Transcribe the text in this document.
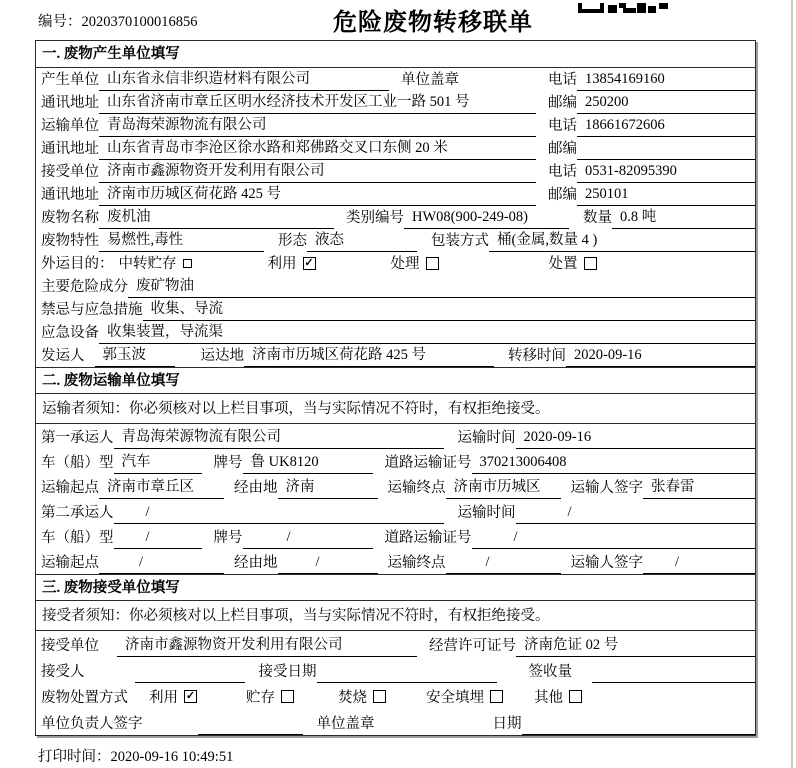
编号：2020370100016856	危险废物转移联单
一. 废物产生单位填写
产生单位 山东省永信非织造材料有限公司	单位盖章	电话 13854169160
通讯地址 山东省济南市章丘区明水经济技术开发区工业一路 501 号	邮编 250200
运输单位 青岛海荣源物流有限公司	电话 18661672606
通讯地址 山东省青岛市李沧区徐水路和郑佛路交叉口东侧 20 米	邮编
接受单位 济南市鑫源物资开发利用有限公司	电话 0531-82095390
通讯地址 济南市历城区荷花路 425 号	邮编 250101
废物名称 废机油	类别编号 HW08(900-249-08)	数量 0.8 吨
废物特性 易燃性,毒性	形态 液态	包装方式 桶(金属,数量 4 )
外运目的： 中转贮存	利用 ✓	处理	处置
主要危险成分 废矿物油
禁忌与应急措施 收集、导流
应急设备 收集装置，导流渠
发运人	郭玉波	运达地 济南市历城区荷花路 425 号	转移时间 2020-09-16
二. 废物运输单位填写
运输者须知：你必须核对以上栏目事项，当与实际情况不符时，有权拒绝接受。
第一承运人 青岛海荣源物流有限公司	运输时间 2020-09-16
车（船）型 汽车	牌号 鲁 UK8120	道路运输证号 370213006408
运输起点 济南市章丘区	经由地 济南	运输终点 济南市历城区	运输人签字 张春雷
第二承运人	/	运输时间	/
车（船）型	/	牌号	/	道路运输证号	/
运输起点	/	经由地	/	运输终点	/	运输人签字	/
三. 废物接受单位填写
接受者须知：你必须核对以上栏目事项，当与实际情况不符时，有权拒绝接受。
接受单位	济南市鑫源物资开发利用有限公司	经营许可证号 济南危证 02 号
接受人	接受日期	签收量
废物处置方式 利用 ✓	贮存	焚烧	安全填埋	其他
单位负责人签字	单位盖章	日期
打印时间：2020-09-16 10:49:51
